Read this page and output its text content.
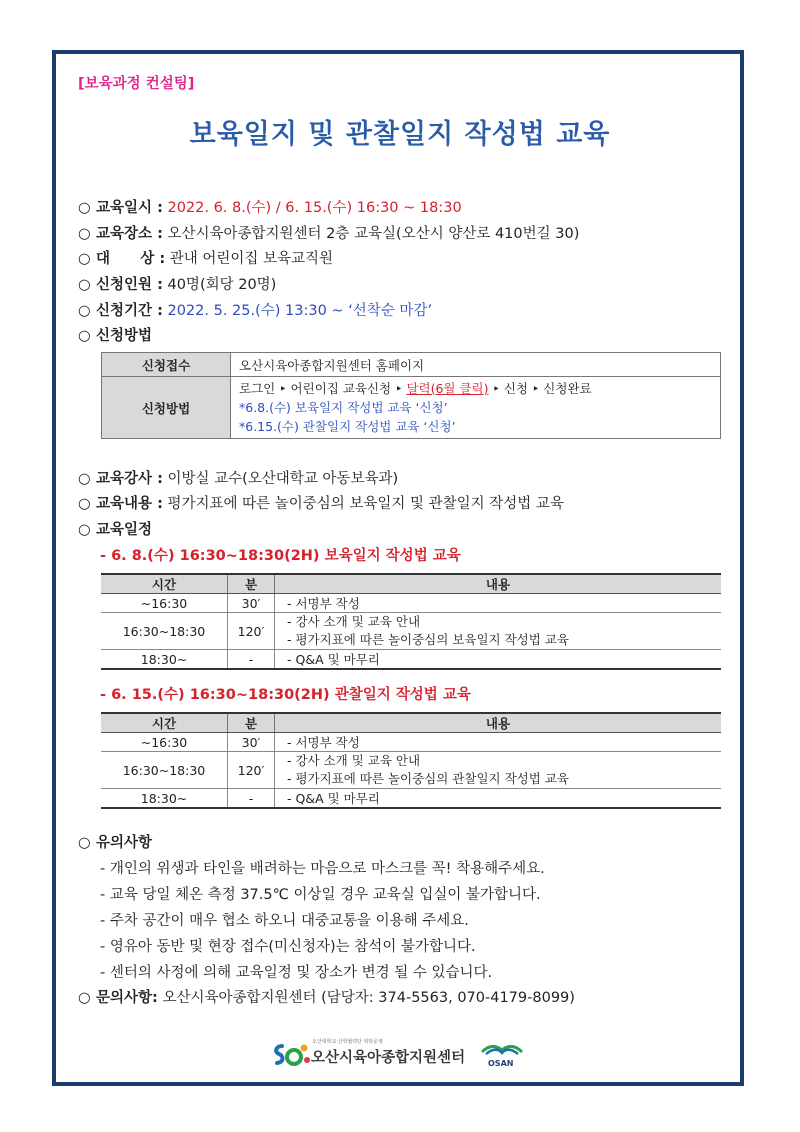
[보육과정 컨설팅]
보육일지 및 관찰일지 작성법 교육
○ 교육일시 : 2022. 6. 8.(수) / 6. 15.(수) 16:30 ~ 18:30
○ 교육장소 : 오산시육아종합지원센터 2층 교육실(오산시 양산로 410번길 30)
○ 대      상 : 관내 어린이집 보육교직원
○ 신청인원 : 40명(회당 20명)
○ 신청기간 : 2022. 5. 25.(수) 13:30 ~ ‘선착순 마감’
○ 신청방법
신청접수	오산시육아종합지원센터 홈페이지
신청방법	로그인 ‣ 어린이집 교육신청 ‣ 달력(6월 클릭) ‣ 신청 ‣ 신청완료
*6.8.(수) 보육일지 작성법 교육 ‘신청’
*6.15.(수) 관찰일지 작성법 교육 ‘신청’
○ 교육강사 : 이방실 교수(오산대학교 아동보육과)
○ 교육내용 : 평가지표에 따른 놀이중심의 보육일지 및 관찰일지 작성법 교육
○ 교육일정
- 6. 8.(수) 16:30~18:30(2H) 보육일지 작성법 교육
시간	분	내용
~16:30	30′	- 서명부 작성
16:30~18:30	120′	- 강사 소개 및 교육 안내
- 평가지표에 따른 놀이중심의 보육일지 작성법 교육

18:30~	-	- Q&A 및 마무리
- 6. 15.(수) 16:30~18:30(2H) 관찰일지 작성법 교육
시간	분	내용
~16:30	30′	- 서명부 작성
16:30~18:30	120′	- 강사 소개 및 교육 안내
- 평가지표에 따른 놀이중심의 관찰일지 작성법 교육

18:30~	-	- Q&A 및 마무리
○ 유의사항
- 개인의 위생과 타인을 배려하는 마음으로 마스크를 꼭! 착용해주세요.
- 교육 당일 체온 측정 37.5℃ 이상일 경우 교육실 입실이 불가합니다.
- 주차 공간이 매우 협소 하오니 대중교통을 이용해 주세요.
- 영유아 동반 및 현장 접수(미신청자)는 참석이 불가합니다.
- 센터의 사정에 의해 교육일정 및 장소가 변경 될 수 있습니다.
○ 문의사항: 오산시육아종합지원센터 (담당자: 374-5563, 070-4179-8099)
오산대학교 산학협력단 위탁운영
오산시육아종합지원센터	OSAN
